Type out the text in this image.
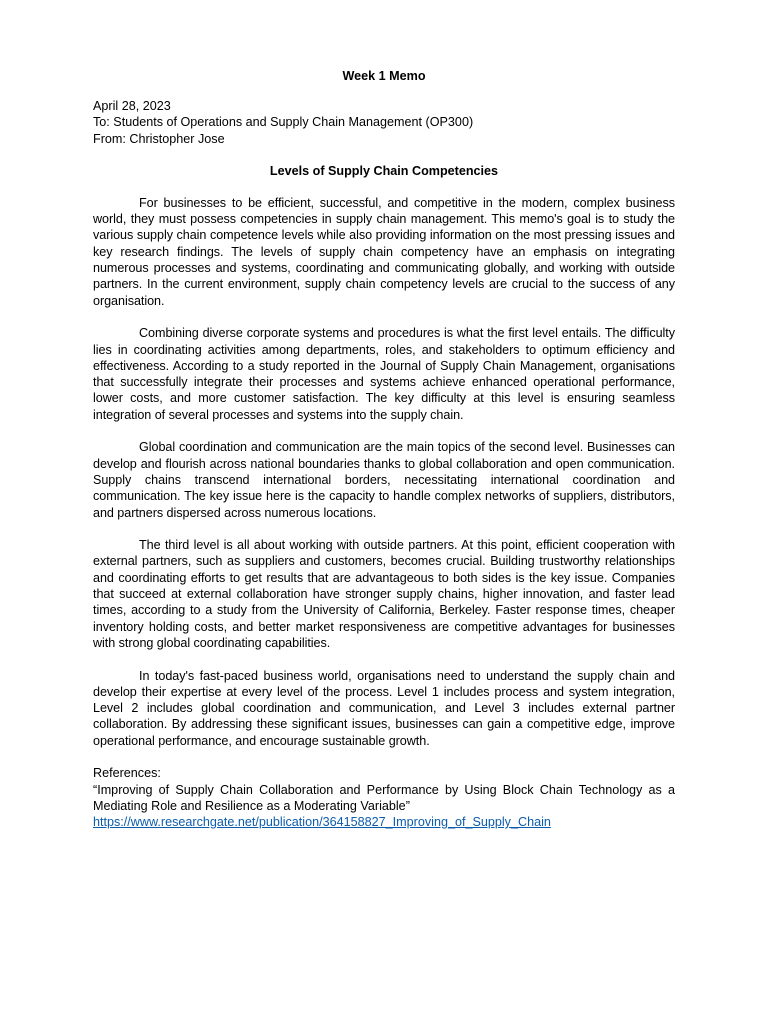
Week 1 Memo
April 28, 2023
To: Students of Operations and Supply Chain Management (OP300)
From: Christopher Jose
Levels of Supply Chain Competencies

For businesses to be efficient, successful, and competitive in the modern, complex business world, they must possess competencies in supply chain management. This memo's goal is to study the various supply chain competence levels while also providing information on the most pressing issues and key research findings. The levels of supply chain competency have an emphasis on integrating numerous processes and systems, coordinating and communicating globally, and working with outside partners. In the current environment, supply chain competency levels are crucial to the success of any organisation.

Combining diverse corporate systems and procedures is what the first level entails. The difficulty lies in coordinating activities among departments, roles, and stakeholders to optimum efficiency and effectiveness. According to a study reported in the Journal of Supply Chain Management, organisations that successfully integrate their processes and systems achieve enhanced operational performance, lower costs, and more customer satisfaction. The key difficulty at this level is ensuring seamless integration of several processes and systems into the supply chain.

Global coordination and communication are the main topics of the second level. Businesses can develop and flourish across national boundaries thanks to global collaboration and open communication. Supply chains transcend international borders, necessitating international coordination and communication. The key issue here is the capacity to handle complex networks of suppliers, distributors, and partners dispersed across numerous locations.

The third level is all about working with outside partners. At this point, efficient cooperation with external partners, such as suppliers and customers, becomes crucial. Building trustworthy relationships and coordinating efforts to get results that are advantageous to both sides is the key issue. Companies that succeed at external collaboration have stronger supply chains, higher innovation, and faster lead times, according to a study from the University of California, Berkeley. Faster response times, cheaper inventory holding costs, and better market responsiveness are competitive advantages for businesses with strong global coordinating capabilities.

In today's fast-paced business world, organisations need to understand the supply chain and develop their expertise at every level of the process. Level 1 includes process and system integration, Level 2 includes global coordination and communication, and Level 3 includes external partner collaboration. By addressing these significant issues, businesses can gain a competitive edge, improve operational performance, and encourage sustainable growth.

References:
“Improving of Supply Chain Collaboration and Performance by Using Block Chain Technology as a Mediating Role and Resilience as a Moderating Variable”
https://www.researchgate.net/publication/364158827_Improving_of_Supply_Chain
